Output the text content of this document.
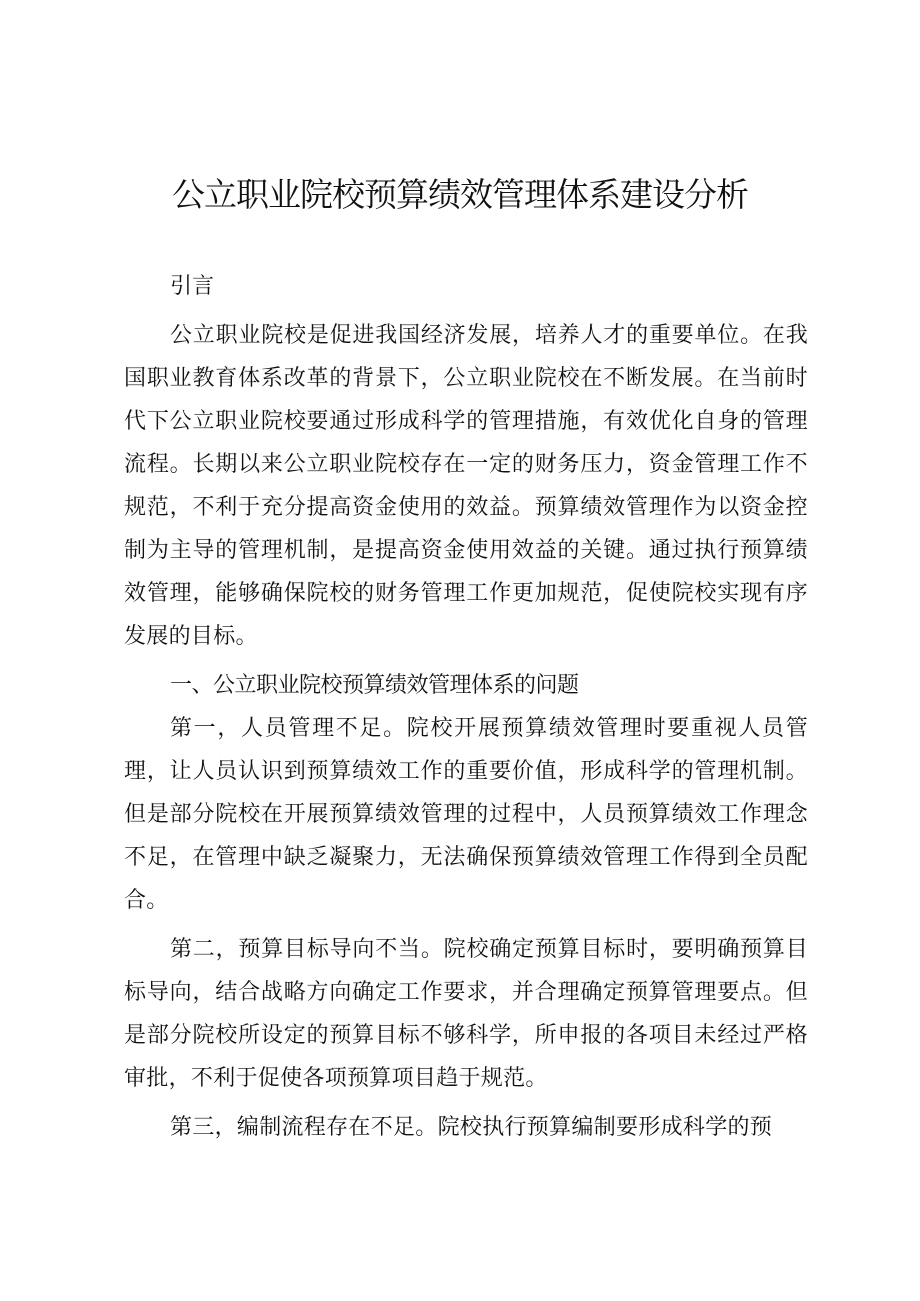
公立职业院校预算绩效管理体系建设分析

引言

公立职业院校是促进我国经济发展，培养人才的重要单位。在我国职业教育体系改革的背景下，公立职业院校在不断发展。在当前时代下公立职业院校要通过形成科学的管理措施，有效优化自身的管理流程。长期以来公立职业院校存在一定的财务压力，资金管理工作不规范，不利于充分提高资金使用的效益。预算绩效管理作为以资金控制为主导的管理机制，是提高资金使用效益的关键。通过执行预算绩效管理，能够确保院校的财务管理工作更加规范，促使院校实现有序发展的目标。

一、公立职业院校预算绩效管理体系的问题

第一，人员管理不足。院校开展预算绩效管理时要重视人员管理，让人员认识到预算绩效工作的重要价值，形成科学的管理机制。但是部分院校在开展预算绩效管理的过程中，人员预算绩效工作理念不足，在管理中缺乏凝聚力，无法确保预算绩效管理工作得到全员配合。

第二，预算目标导向不当。院校确定预算目标时，要明确预算目标导向，结合战略方向确定工作要求，并合理确定预算管理要点。但是部分院校所设定的预算目标不够科学，所申报的各项目未经过严格审批，不利于促使各项预算项目趋于规范。

第三，编制流程存在不足。院校执行预算编制要形成科学的预
